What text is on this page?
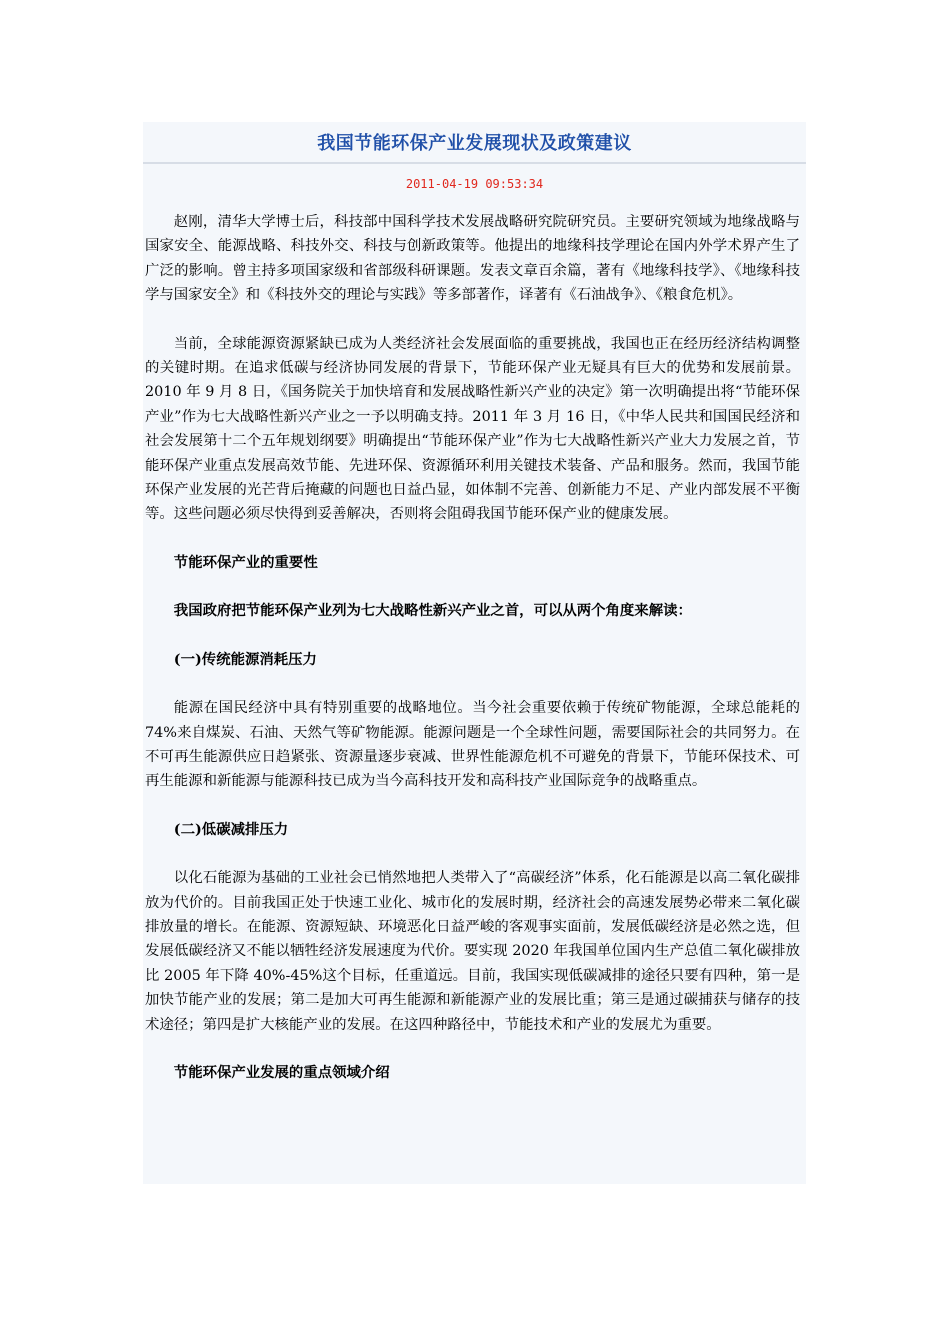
我国节能环保产业发展现状及政策建议
2011-04-19 09:53:34

赵刚，清华大学博士后，科技部中国科学技术发展战略研究院研究员。主要研究领域为地缘战略与国家安全、能源战略、科技外交、科技与创新政策等。他提出的地缘科技学理论在国内外学术界产生了广泛的影响。曾主持多项国家级和省部级科研课题。发表文章百余篇，著有《地缘科技学》、《地缘科技学与国家安全》和《科技外交的理论与实践》等多部著作，译著有《石油战争》、《粮食危机》。

当前，全球能源资源紧缺已成为人类经济社会发展面临的重要挑战，我国也正在经历经济结构调整的关键时期。在追求低碳与经济协同发展的背景下，节能环保产业无疑具有巨大的优势和发展前景。2010 年 9 月 8 日，《国务院关于加快培育和发展战略性新兴产业的决定》第一次明确提出将“节能环保产业”作为七大战略性新兴产业之一予以明确支持。2011 年 3 月 16 日，《中华人民共和国国民经济和社会发展第十二个五年规划纲要》明确提出“节能环保产业”作为七大战略性新兴产业大力发展之首，节能环保产业重点发展高效节能、先进环保、资源循环利用关键技术装备、产品和服务。然而，我国节能环保产业发展的光芒背后掩藏的问题也日益凸显，如体制不完善、创新能力不足、产业内部发展不平衡等。这些问题必须尽快得到妥善解决，否则将会阻碍我国节能环保产业的健康发展。

节能环保产业的重要性

我国政府把节能环保产业列为七大战略性新兴产业之首，可以从两个角度来解读：

(一)传统能源消耗压力

能源在国民经济中具有特别重要的战略地位。当今社会重要依赖于传统矿物能源，全球总能耗的 74%来自煤炭、石油、天然气等矿物能源。能源问题是一个全球性问题，需要国际社会的共同努力。在不可再生能源供应日趋紧张、资源量逐步衰减、世界性能源危机不可避免的背景下，节能环保技术、可再生能源和新能源与能源科技已成为当今高科技开发和高科技产业国际竞争的战略重点。

(二)低碳减排压力

以化石能源为基础的工业社会已悄然地把人类带入了“高碳经济”体系，化石能源是以高二氧化碳排放为代价的。目前我国正处于快速工业化、城市化的发展时期，经济社会的高速发展势必带来二氧化碳排放量的增长。在能源、资源短缺、环境恶化日益严峻的客观事实面前，发展低碳经济是必然之选，但发展低碳经济又不能以牺牲经济发展速度为代价。要实现 2020 年我国单位国内生产总值二氧化碳排放比 2005 年下降 40%-45%这个目标，任重道远。目前，我国实现低碳减排的途径只要有四种，第一是加快节能产业的发展；第二是加大可再生能源和新能源产业的发展比重；第三是通过碳捕获与储存的技术途径；第四是扩大核能产业的发展。在这四种路径中，节能技术和产业的发展尤为重要。

节能环保产业发展的重点领域介绍
